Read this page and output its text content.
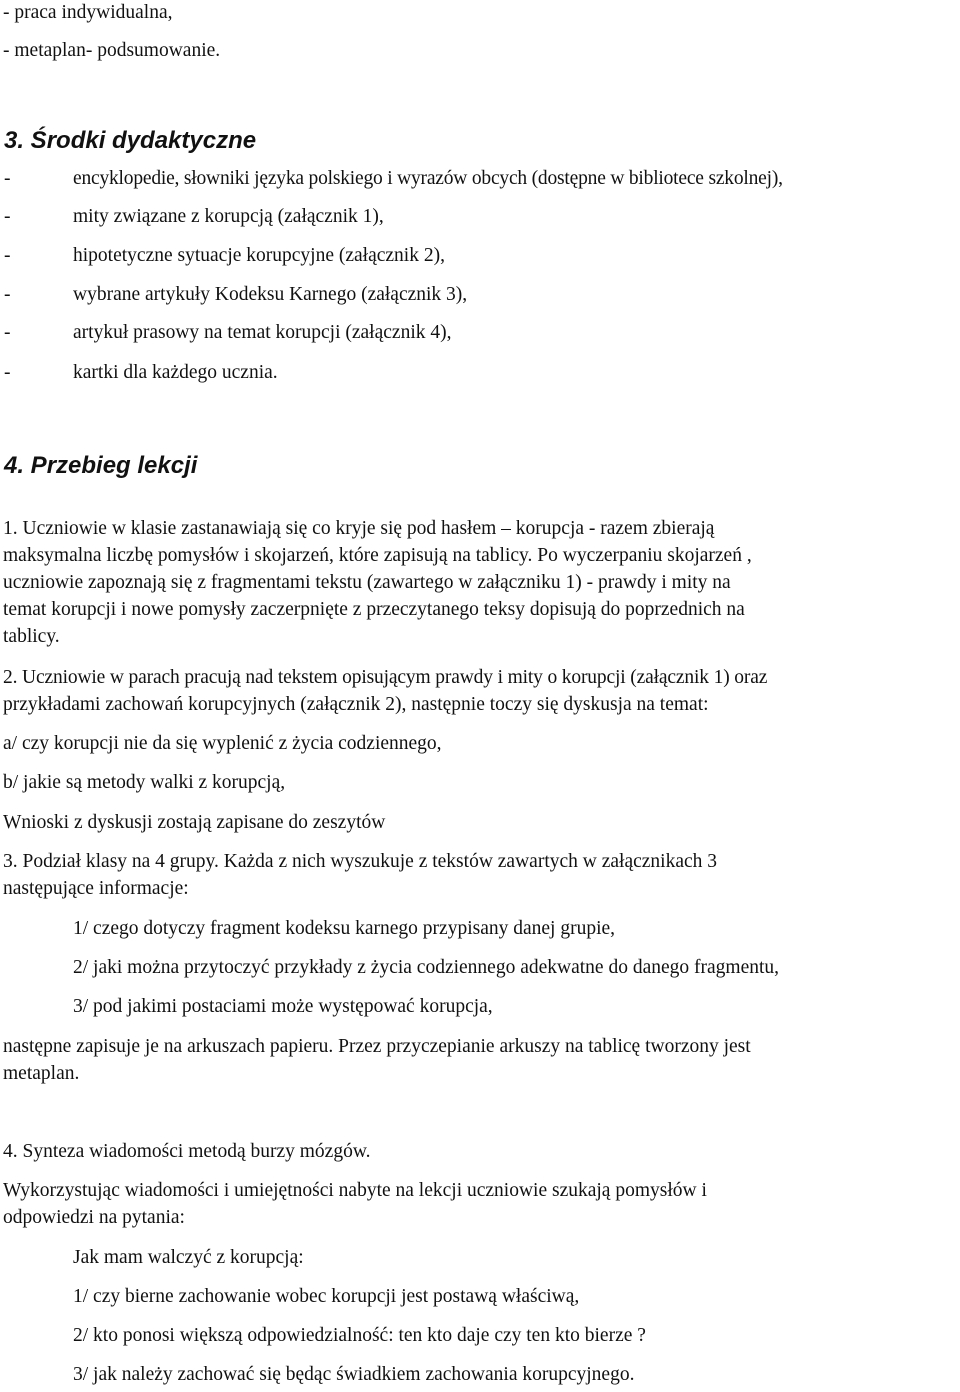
- praca indywidualna,
- metaplan- podsumowanie.
3. Środki dydaktyczne
-	encyklopedie, słowniki języka polskiego i wyrazów obcych (dostępne w bibliotece szkolnej),
-	mity związane z korupcją (załącznik 1),
-	hipotetyczne sytuacje korupcyjne (załącznik 2),
-	wybrane artykuły Kodeksu Karnego (załącznik 3),
-	artykuł prasowy na temat korupcji (załącznik 4),
-	kartki dla każdego ucznia.
4. Przebieg lekcji
1. Uczniowie w klasie zastanawiają się co kryje się pod hasłem – korupcja - razem zbierają
maksymalna liczbę pomysłów i skojarzeń, które zapisują na tablicy. Po wyczerpaniu skojarzeń ,
uczniowie zapoznają się z fragmentami tekstu (zawartego w załączniku 1) - prawdy i mity na
temat korupcji i nowe pomysły zaczerpnięte z przeczytanego teksy dopisują do poprzednich na
tablicy.
2. Uczniowie w parach pracują nad tekstem opisującym prawdy i mity o korupcji (załącznik 1) oraz
przykładami zachowań korupcyjnych (załącznik 2), następnie toczy się dyskusja na temat:
a/ czy korupcji nie da się wyplenić z życia codziennego,
b/ jakie są metody walki z korupcją,
Wnioski z dyskusji zostają zapisane do zeszytów
3. Podział klasy na 4 grupy. Każda z nich wyszukuje z tekstów zawartych w załącznikach 3
następujące informacje:
1/ czego dotyczy fragment kodeksu karnego przypisany danej grupie,
2/ jaki można przytoczyć przykłady z życia codziennego adekwatne do danego fragmentu,
3/ pod jakimi postaciami może występować korupcja,
następne zapisuje je na arkuszach papieru. Przez przyczepianie arkuszy na tablicę tworzony jest
metaplan.
4. Synteza wiadomości metodą burzy mózgów.
Wykorzystując wiadomości i umiejętności nabyte na lekcji uczniowie szukają pomysłów i
odpowiedzi na pytania:
Jak mam walczyć z korupcją:
1/ czy bierne zachowanie wobec korupcji jest postawą właściwą,
2/ kto ponosi większą odpowiedzialność: ten kto daje czy ten kto bierze ?
3/ jak należy zachować się będąc świadkiem zachowania korupcyjnego.
